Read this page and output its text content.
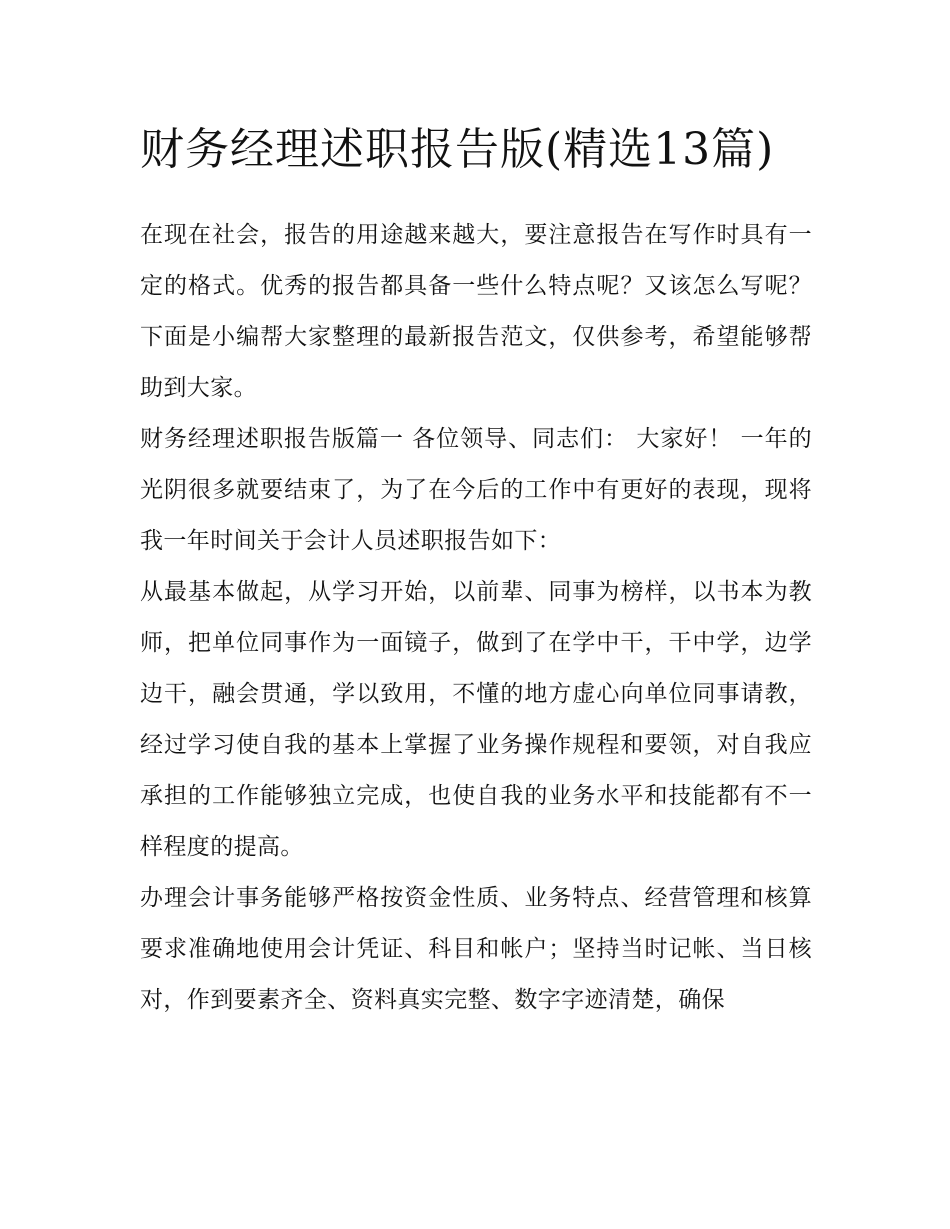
财务经理述职报告版(精选13篇)

在现在社会，报告的用途越来越大，要注意报告在写作时具有一定的格式。优秀的报告都具备一些什么特点呢？又该怎么写呢？下面是小编帮大家整理的最新报告范文，仅供参考，希望能够帮助到大家。

财务经理述职报告版篇一 各位领导、同志们： 大家好！ 一年的光阴很多就要结束了，为了在今后的工作中有更好的表现，现将我一年时间关于会计人员述职报告如下：

从最基本做起，从学习开始，以前辈、同事为榜样，以书本为教师，把单位同事作为一面镜子，做到了在学中干，干中学，边学边干，融会贯通，学以致用，不懂的地方虚心向单位同事请教，经过学习使自我的基本上掌握了业务操作规程和要领，对自我应承担的工作能够独立完成，也使自我的业务水平和技能都有不一样程度的提高。

办理会计事务能够严格按资金性质、业务特点、经营管理和核算要求准确地使用会计凭证、科目和帐户；坚持当时记帐、当日核对，作到要素齐全、资料真实完整、数字字迹清楚，确保
